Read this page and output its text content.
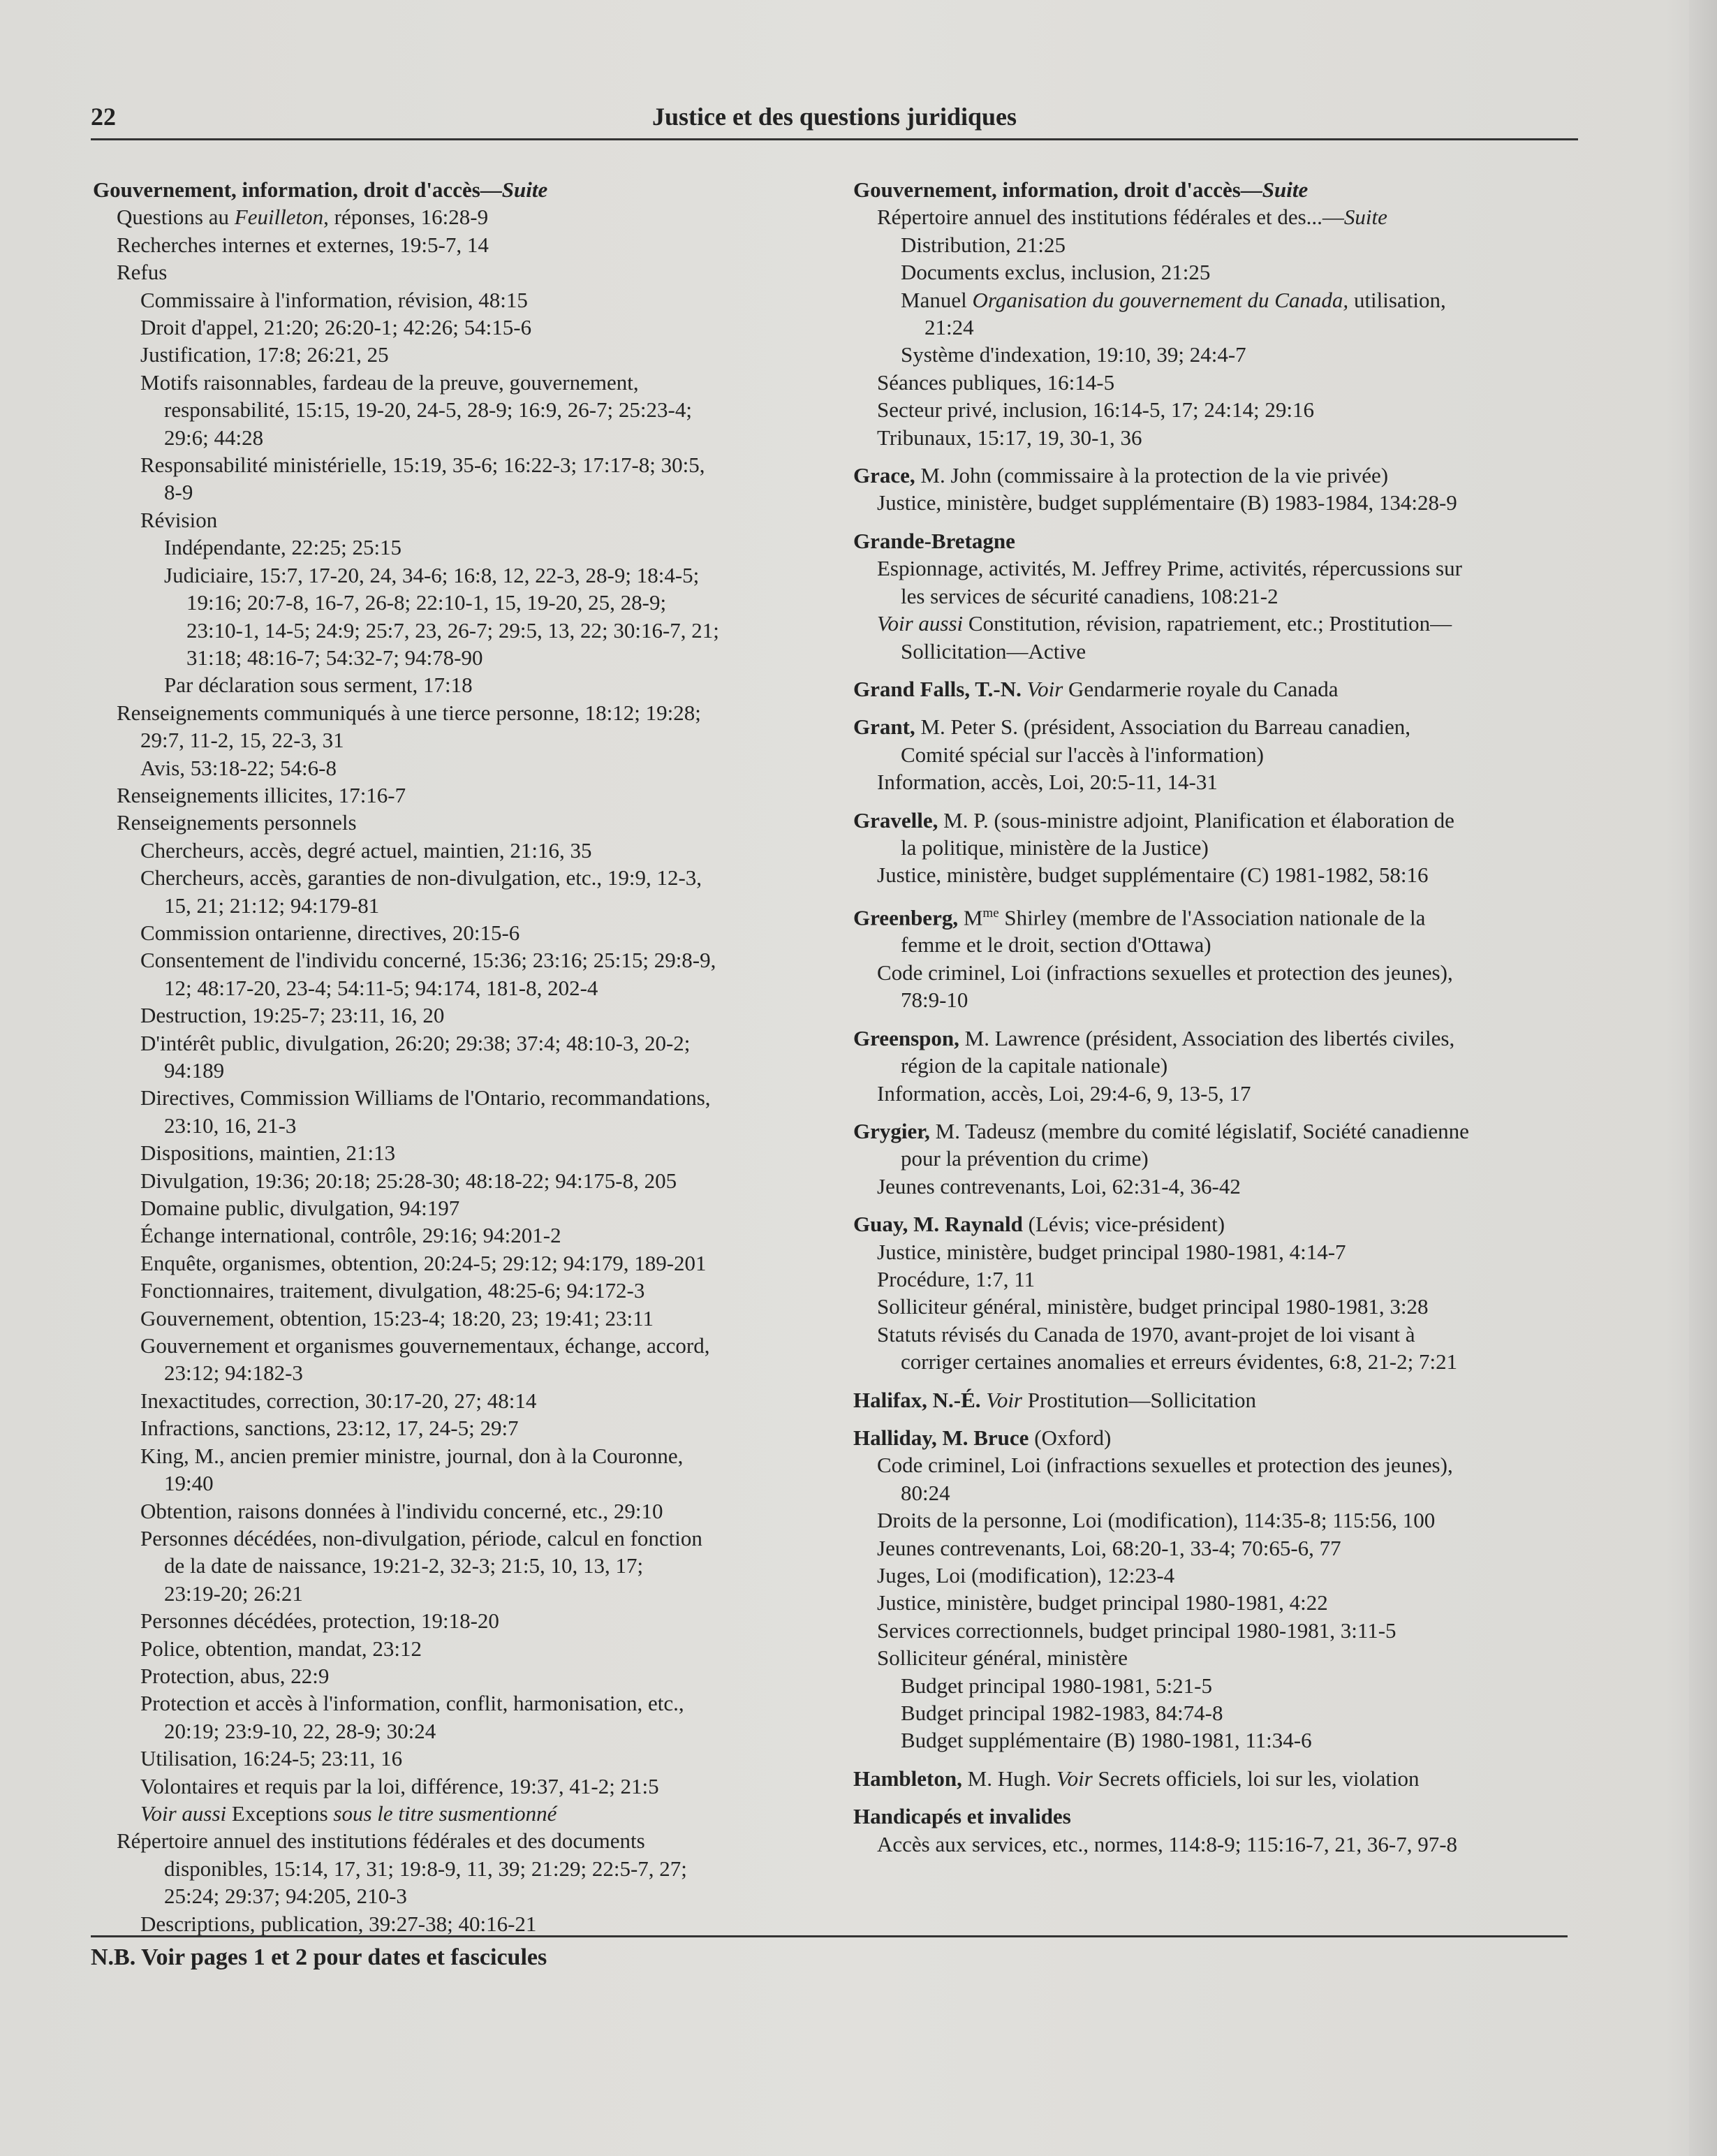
Justice et des questions juridiques
22
Gouvernement, information, droit d'accès—Suite
Questions au Feuilleton, réponses, 16:28-9
Recherches internes et externes, 19:5-7, 14
Refus
Commissaire à l'information, révision, 48:15
Droit d'appel, 21:20; 26:20-1; 42:26; 54:15-6
Justification, 17:8; 26:21, 25
Motifs raisonnables, fardeau de la preuve, gouvernement,
responsabilité, 15:15, 19-20, 24-5, 28-9; 16:9, 26-7; 25:23-4;
29:6; 44:28
Responsabilité ministérielle, 15:19, 35-6; 16:22-3; 17:17-8; 30:5,
8-9
Révision
Indépendante, 22:25; 25:15
Judiciaire, 15:7, 17-20, 24, 34-6; 16:8, 12, 22-3, 28-9; 18:4-5;
19:16; 20:7-8, 16-7, 26-8; 22:10-1, 15, 19-20, 25, 28-9;
23:10-1, 14-5; 24:9; 25:7, 23, 26-7; 29:5, 13, 22; 30:16-7, 21;
31:18; 48:16-7; 54:32-7; 94:78-90
Par déclaration sous serment, 17:18
Renseignements communiqués à une tierce personne, 18:12; 19:28;
29:7, 11-2, 15, 22-3, 31
Avis, 53:18-22; 54:6-8
Renseignements illicites, 17:16-7
Renseignements personnels
Chercheurs, accès, degré actuel, maintien, 21:16, 35
Chercheurs, accès, garanties de non-divulgation, etc., 19:9, 12-3,
15, 21; 21:12; 94:179-81
Commission ontarienne, directives, 20:15-6
Consentement de l'individu concerné, 15:36; 23:16; 25:15; 29:8-9,
12; 48:17-20, 23-4; 54:11-5; 94:174, 181-8, 202-4
Destruction, 19:25-7; 23:11, 16, 20
D'intérêt public, divulgation, 26:20; 29:38; 37:4; 48:10-3, 20-2;
94:189
Directives, Commission Williams de l'Ontario, recommandations,
23:10, 16, 21-3
Dispositions, maintien, 21:13
Divulgation, 19:36; 20:18; 25:28-30; 48:18-22; 94:175-8, 205
Domaine public, divulgation, 94:197
Échange international, contrôle, 29:16; 94:201-2
Enquête, organismes, obtention, 20:24-5; 29:12; 94:179, 189-201
Fonctionnaires, traitement, divulgation, 48:25-6; 94:172-3
Gouvernement, obtention, 15:23-4; 18:20, 23; 19:41; 23:11
Gouvernement et organismes gouvernementaux, échange, accord,
23:12; 94:182-3
Inexactitudes, correction, 30:17-20, 27; 48:14
Infractions, sanctions, 23:12, 17, 24-5; 29:7
King, M., ancien premier ministre, journal, don à la Couronne,
19:40
Obtention, raisons données à l'individu concerné, etc., 29:10
Personnes décédées, non-divulgation, période, calcul en fonction
de la date de naissance, 19:21-2, 32-3; 21:5, 10, 13, 17;
23:19-20; 26:21
Personnes décédées, protection, 19:18-20
Police, obtention, mandat, 23:12
Protection, abus, 22:9
Protection et accès à l'information, conflit, harmonisation, etc.,
20:19; 23:9-10, 22, 28-9; 30:24
Utilisation, 16:24-5; 23:11, 16
Volontaires et requis par la loi, différence, 19:37, 41-2; 21:5
Voir aussi Exceptions sous le titre susmentionné
Répertoire annuel des institutions fédérales et des documents
disponibles, 15:14, 17, 31; 19:8-9, 11, 39; 21:29; 22:5-7, 27;
25:24; 29:37; 94:205, 210-3
Descriptions, publication, 39:27-38; 40:16-21
Gouvernement, information, droit d'accès—Suite
Répertoire annuel des institutions fédérales et des...—Suite
Distribution, 21:25
Documents exclus, inclusion, 21:25
Manuel Organisation du gouvernement du Canada, utilisation,
21:24
Système d'indexation, 19:10, 39; 24:4-7
Séances publiques, 16:14-5
Secteur privé, inclusion, 16:14-5, 17; 24:14; 29:16
Tribunaux, 15:17, 19, 30-1, 36
Grace, M. John (commissaire à la protection de la vie privée)
Justice, ministère, budget supplémentaire (B) 1983-1984, 134:28-9
Grande-Bretagne
Espionnage, activités, M. Jeffrey Prime, activités, répercussions sur
les services de sécurité canadiens, 108:21-2
Voir aussi Constitution, révision, rapatriement, etc.; Prostitution—
Sollicitation—Active
Grand Falls, T.-N. Voir Gendarmerie royale du Canada
Grant, M. Peter S. (président, Association du Barreau canadien,
Comité spécial sur l'accès à l'information)
Information, accès, Loi, 20:5-11, 14-31
Gravelle, M. P. (sous-ministre adjoint, Planification et élaboration de
la politique, ministère de la Justice)
Justice, ministère, budget supplémentaire (C) 1981-1982, 58:16
Greenberg, $M^{me}$ Shirley (membre de l'Association nationale de la
femme et le droit, section d'Ottawa)
Code criminel, Loi (infractions sexuelles et protection des jeunes),
78:9-10
Greenspon, M. Lawrence (président, Association des libertés civiles,
région de la capitale nationale)
Information, accès, Loi, 29:4-6, 9, 13-5, 17
Grygier, M. Tadeusz (membre du comité législatif, Société canadienne
pour la prévention du crime)
Jeunes contrevenants, Loi, 62:31-4, 36-42
Guay, M. Raynald (Lévis; vice-président)
Justice, ministère, budget principal 1980-1981, 4:14-7
Procédure, 1:7, 11
Solliciteur général, ministère, budget principal 1980-1981, 3:28
Statuts révisés du Canada de 1970, avant-projet de loi visant à
corriger certaines anomalies et erreurs évidentes, 6:8, 21-2; 7:21
Halifax, N.-É. Voir Prostitution—Sollicitation
Halliday, M. Bruce (Oxford)
Code criminel, Loi (infractions sexuelles et protection des jeunes),
80:24
Droits de la personne, Loi (modification), 114:35-8; 115:56, 100
Jeunes contrevenants, Loi, 68:20-1, 33-4; 70:65-6, 77
Juges, Loi (modification), 12:23-4
Justice, ministère, budget principal 1980-1981, 4:22
Services correctionnels, budget principal 1980-1981, 3:11-5
Solliciteur général, ministère
Budget principal 1980-1981, 5:21-5
Budget principal 1982-1983, 84:74-8
Budget supplémentaire (B) 1980-1981, 11:34-6
Hambleton, M. Hugh. Voir Secrets officiels, loi sur les, violation
Handicapés et invalides
Accès aux services, etc., normes, 114:8-9; 115:16-7, 21, 36-7, 97-8
N.B. Voir pages 1 et 2 pour dates et fascicules
